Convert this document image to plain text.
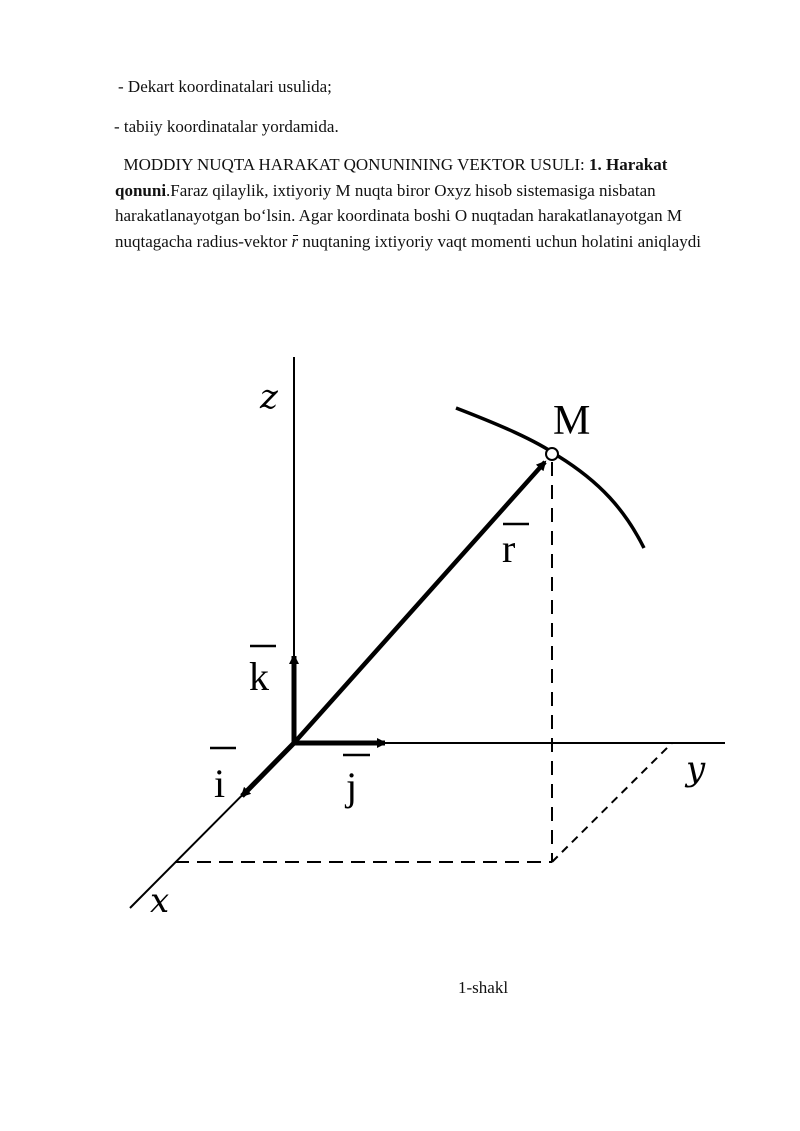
- Dekart koordinatalari usulida;
- tabiiy koordinatalar yordamida.
MODDIY NUQTA HARAKAT QONUNINING VEKTOR USULI: 1. Harakat qonuni.Faraz qilaylik, ixtiyoriy M nuqta biror Oxyz hisob sistemasiga nisbatan harakatlanayotgan bo‘lsin. Agar koordinata boshi O nuqtadan harakatlanayotgan M nuqtagacha radius-vektor r nuqtaning ixtiyoriy vaqt momenti uchun holatini aniqlaydi
z
y
x
M
r
k
i	j
1-shakl
